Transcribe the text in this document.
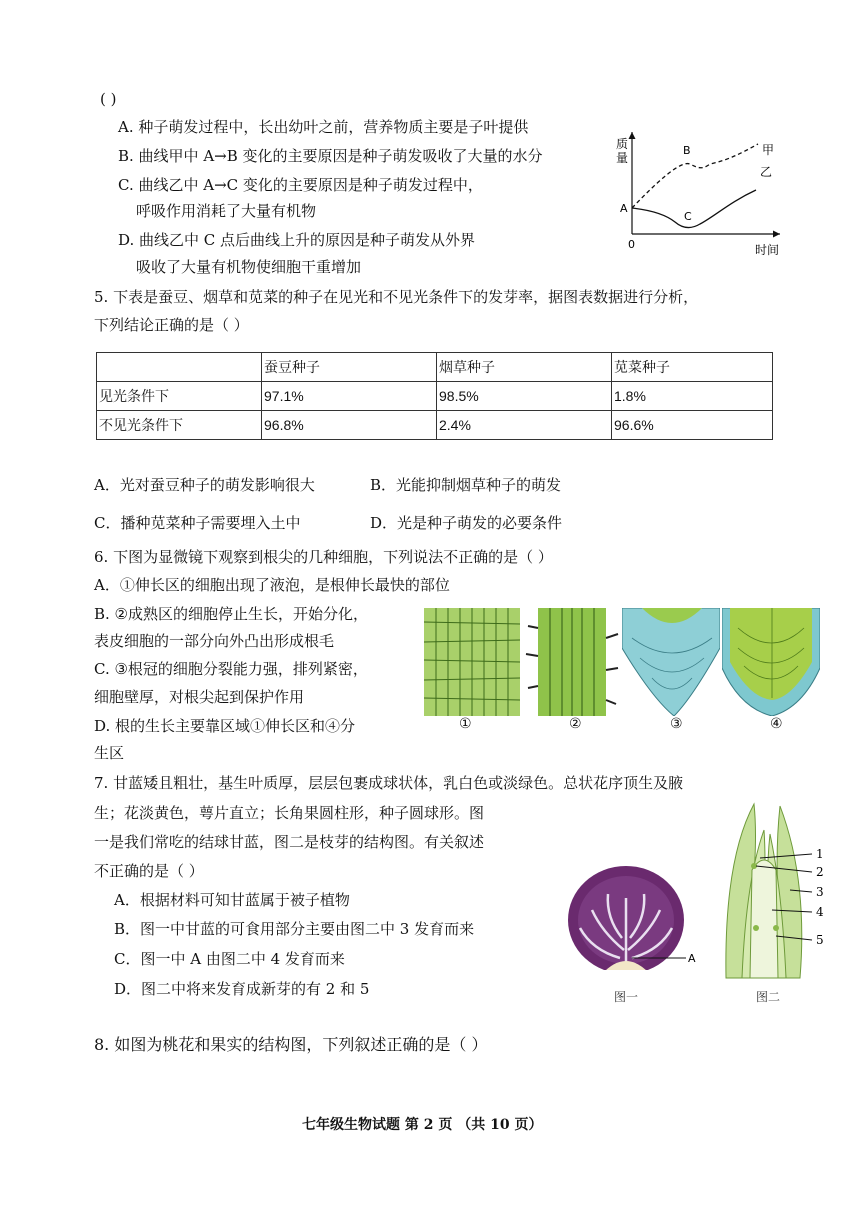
( )
A. 种子萌发过程中，长出幼叶之前，营养物质主要是子叶提供
B. 曲线甲中 A→B 变化的主要原因是种子萌发吸收了大量的水分
C. 曲线乙中 A→C 变化的主要原因是种子萌发过程中，
呼吸作用消耗了大量有机物
D. 曲线乙中 C 点后曲线上升的原因是种子萌发从外界
吸收了大量有机物使细胞干重增加
质
量
0	时间
A
B
C
甲
乙
5. 下表是蚕豆、烟草和苋菜的种子在见光和不见光条件下的发芽率，据图表数据进行分析，
下列结论正确的是（ ）
	蚕豆种子	烟草种子	苋菜种子
见光条件下	97.1%	98.5%	1.8%
不见光条件下	96.8%	2.4%	96.6%
A．光对蚕豆种子的萌发影响很大	B．光能抑制烟草种子的萌发
C．播种苋菜种子需要埋入土中	D．光是种子萌发的必要条件
6. 下图为显微镜下观察到根尖的几种细胞，下列说法不正确的是（ ）
A．①伸长区的细胞出现了液泡，是根伸长最快的部位
B. ②成熟区的细胞停止生长，开始分化，
表皮细胞的一部分向外凸出形成根毛
C. ③根冠的细胞分裂能力强，排列紧密，
细胞壁厚，对根尖起到保护作用
D. 根的生长主要靠区域①伸长区和④分
生区
①	②	③	④
7. 甘蓝矮且粗壮，基生叶质厚，层层包裹成球状体，乳白色或淡绿色。总状花序顶生及腋
生；花淡黄色，萼片直立；长角果圆柱形，种子圆球形。图
一是我们常吃的结球甘蓝，图二是枝芽的结构图。有关叙述
不正确的是（ ）
A．根据材料可知甘蓝属于被子植物
B．图一中甘蓝的可食用部分主要由图二中 3 发育而来
C．图一中 A 由图二中 4 发育而来
D．图二中将来发育成新芽的有 2 和 5
A
图一
1
2
3
4
5
图二
8. 如图为桃花和果实的结构图，下列叙述正确的是（ ）
七年级生物试题 第 2 页 （共 10 页）
